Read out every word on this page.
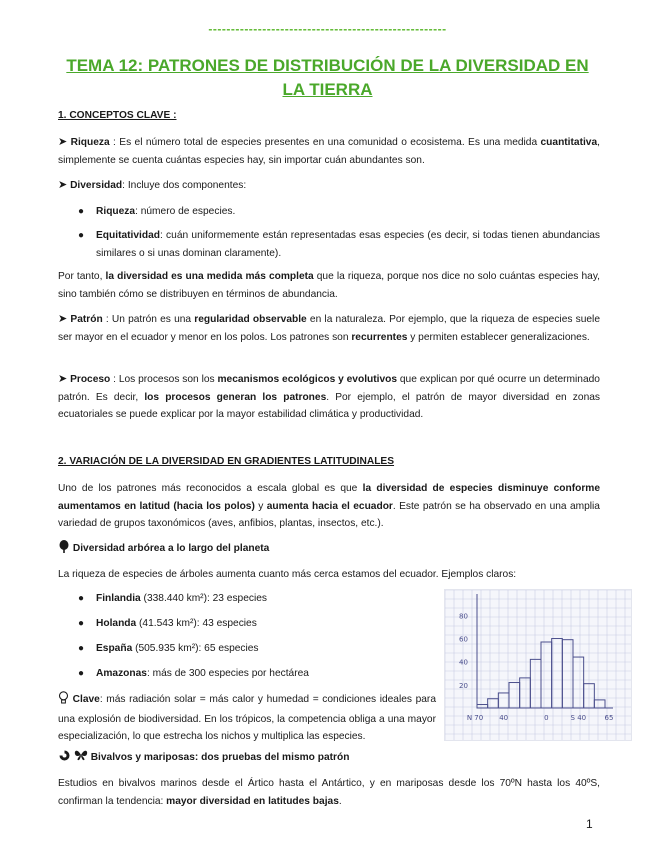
-----------------------------------------------------
TEMA 12: PATRONES DE DISTRIBUCIÓN DE LA DIVERSIDAD EN LA TIERRA
1. CONCEPTOS CLAVE :

➤ Riqueza : Es el número total de especies presentes en una comunidad o ecosistema. Es una medida cuantitativa, simplemente se cuenta cuántas especies hay, sin importar cuán abundantes son.

➤ Diversidad: Incluye dos componentes:

● Riqueza: número de especies.
● Equitatividad: cuán uniformemente están representadas esas especies (es decir, si todas tienen abundancias similares o si unas dominan claramente).

Por tanto, la diversidad es una medida más completa que la riqueza, porque nos dice no solo cuántas especies hay, sino también cómo se distribuyen en términos de abundancia.

➤ Patrón : Un patrón es una regularidad observable en la naturaleza. Por ejemplo, que la riqueza de especies suele ser mayor en el ecuador y menor en los polos. Los patrones son recurrentes y permiten establecer generalizaciones.

➤ Proceso : Los procesos son los mecanismos ecológicos y evolutivos que explican por qué ocurre un determinado patrón. Es decir, los procesos generan los patrones. Por ejemplo, el patrón de mayor diversidad en zonas ecuatoriales se puede explicar por la mayor estabilidad climática y productividad.

2. VARIACIÓN DE LA DIVERSIDAD EN GRADIENTES LATITUDINALES

Uno de los patrones más reconocidos a escala global es que la diversidad de especies disminuye conforme aumentamos en latitud (hacia los polos) y aumenta hacia el ecuador. Este patrón se ha observado en una amplia variedad de grupos taxonómicos (aves, anfibios, plantas, insectos, etc.).

Diversidad arbórea a lo largo del planeta

La riqueza de especies de árboles aumenta cuanto más cerca estamos del ecuador. Ejemplos claros:

● Finlandia (338.440 km²): 23 especies
● Holanda (41.543 km²): 43 especies
● España (505.935 km²): 65 especies
● Amazonas: más de 300 especies por hectárea

Clave: más radiación solar = más calor y humedad = condiciones ideales para una explosión de biodiversidad. En los trópicos, la competencia obliga a una mayor especialización, lo que estrecha los nichos y multiplica las especies.

Bivalvos y mariposas: dos pruebas del mismo patrón

Estudios en bivalvos marinos desde el Ártico hasta el Antártico, y en mariposas desde los 70ºN hasta los 40ºS, confirman la tendencia: mayor diversidad en latitudes bajas.

80
60
40
20
N 70 40	0	S 40	65
1
